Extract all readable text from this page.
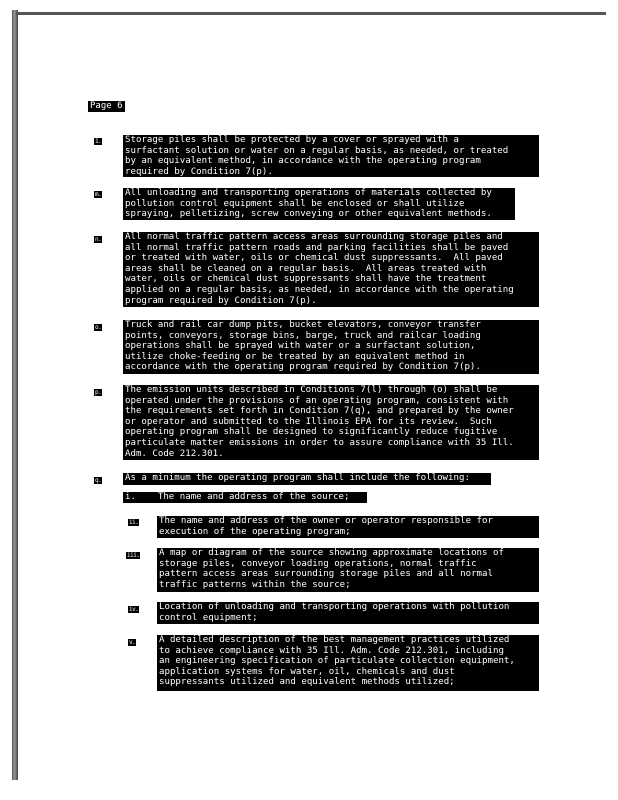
Page 6
1.	Storage piles shall be protected by a cover or sprayed with a
surfactant solution or water on a regular basis, as needed, or treated
by an equivalent method, in accordance with the operating program
required by Condition 7(p).
m.	All unloading and transporting operations of materials collected by
pollution control equipment shall be enclosed or shall utilize
spraying, pelletizing, screw conveying or other equivalent methods.
n.	All normal traffic pattern access areas surrounding storage piles and
all normal traffic pattern roads and parking facilities shall be paved
or treated with water, oils or chemical dust suppressants.  All paved
areas shall be cleaned on a regular basis.  All areas treated with
water, oils or chemical dust suppressants shall have the treatment
applied on a regular basis, as needed, in accordance with the operating
program required by Condition 7(p).
o.	Truck and rail car dump pits, bucket elevators, conveyor transfer
points, conveyors, storage bins, barge, truck and railcar loading
operations shall be sprayed with water or a surfactant solution,
utilize choke-feeding or be treated by an equivalent method in
accordance with the operating program required by Condition 7(p).
p.	The emission units described in Conditions 7(l) through (o) shall be
operated under the provisions of an operating program, consistent with
the requirements set forth in Condition 7(q), and prepared by the owner
or operator and submitted to the Illinois EPA for its review.  Such
operating program shall be designed to significantly reduce fugitive
particulate matter emissions in order to assure compliance with 35 Ill.
Adm. Code 212.301.
q.	As a minimum the operating program shall include the following:
i.    The name and address of the source;
ii. The name and address of the owner or operator responsible for
execution of the operating program;
iii. A map or diagram of the source showing approximate locations of
storage piles, conveyor loading operations, normal traffic
pattern access areas surrounding storage piles and all normal
traffic patterns within the source;
iv. Location of unloading and transporting operations with pollution
control equipment;
v.	A detailed description of the best management practices utilized
to achieve compliance with 35 Ill. Adm. Code 212.301, including
an engineering specification of particulate collection equipment,
application systems for water, oil, chemicals and dust
suppressants utilized and equivalent methods utilized;
